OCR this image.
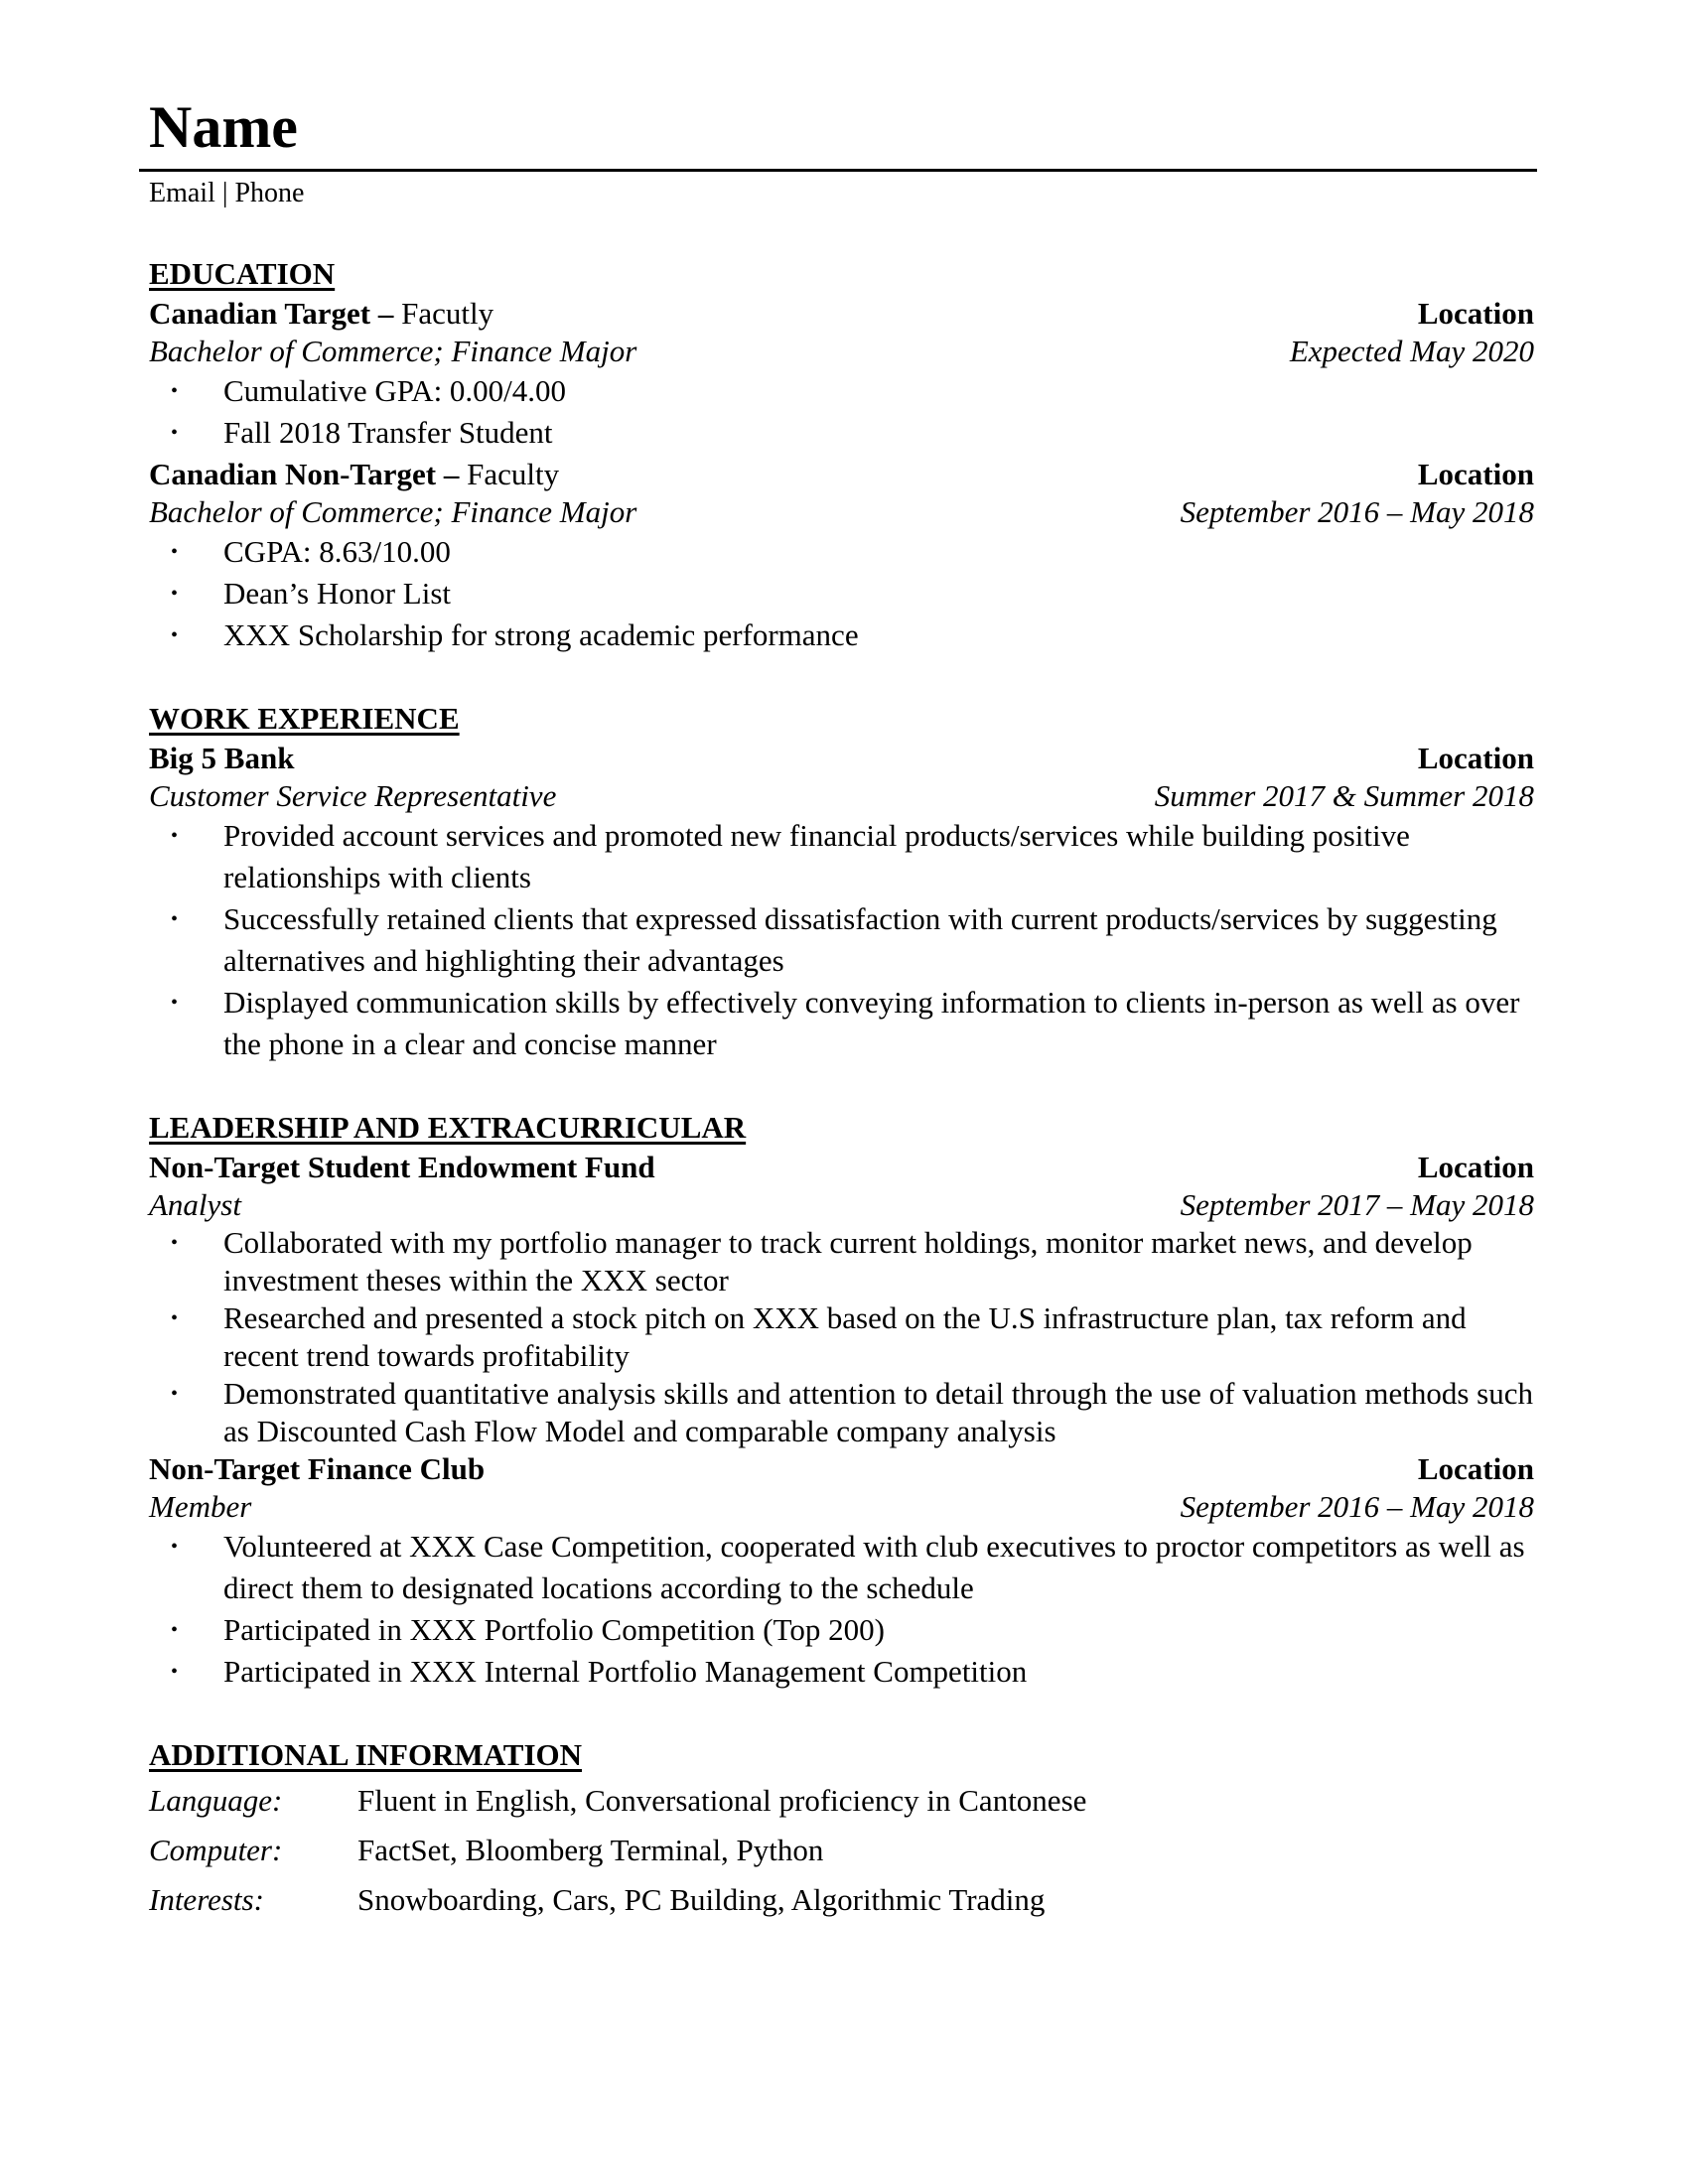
Name
Email | Phone
EDUCATION
Canadian Target – Facutly	Location
Bachelor of Commerce; Finance Major	Expected May 2020
• Cumulative GPA: 0.00/4.00
• Fall 2018 Transfer Student
Canadian Non-Target – Faculty	Location
Bachelor of Commerce; Finance Major	September 2016 – May 2018
• CGPA: 8.63/10.00
• Dean’s Honor List
• XXX Scholarship for strong academic performance
WORK EXPERIENCE
Big 5 Bank	Location
Customer Service Representative	Summer 2017 & Summer 2018
• Provided account services and promoted new financial products/services while building positive relationships with clients
• Successfully retained clients that expressed dissatisfaction with current products/services by suggesting alternatives and highlighting their advantages
• Displayed communication skills by effectively conveying information to clients in-person as well as over the phone in a clear and concise manner
LEADERSHIP AND EXTRACURRICULAR
Non-Target Student Endowment Fund	Location
Analyst	September 2017 – May 2018
• Collaborated with my portfolio manager to track current holdings, monitor market news, and develop investment theses within the XXX sector
• Researched and presented a stock pitch on XXX based on the U.S infrastructure plan, tax reform and recent trend towards profitability
• Demonstrated quantitative analysis skills and attention to detail through the use of valuation methods such as Discounted Cash Flow Model and comparable company analysis
Non-Target Finance Club	Location
Member	September 2016 – May 2018
• Volunteered at XXX Case Competition, cooperated with club executives to proctor competitors as well as direct them to designated locations according to the schedule
• Participated in XXX Portfolio Competition (Top 200)
• Participated in XXX Internal Portfolio Management Competition
ADDITIONAL INFORMATION
Language:	Fluent in English, Conversational proficiency in Cantonese
Computer:	FactSet, Bloomberg Terminal, Python
Interests:	Snowboarding, Cars, PC Building, Algorithmic Trading
